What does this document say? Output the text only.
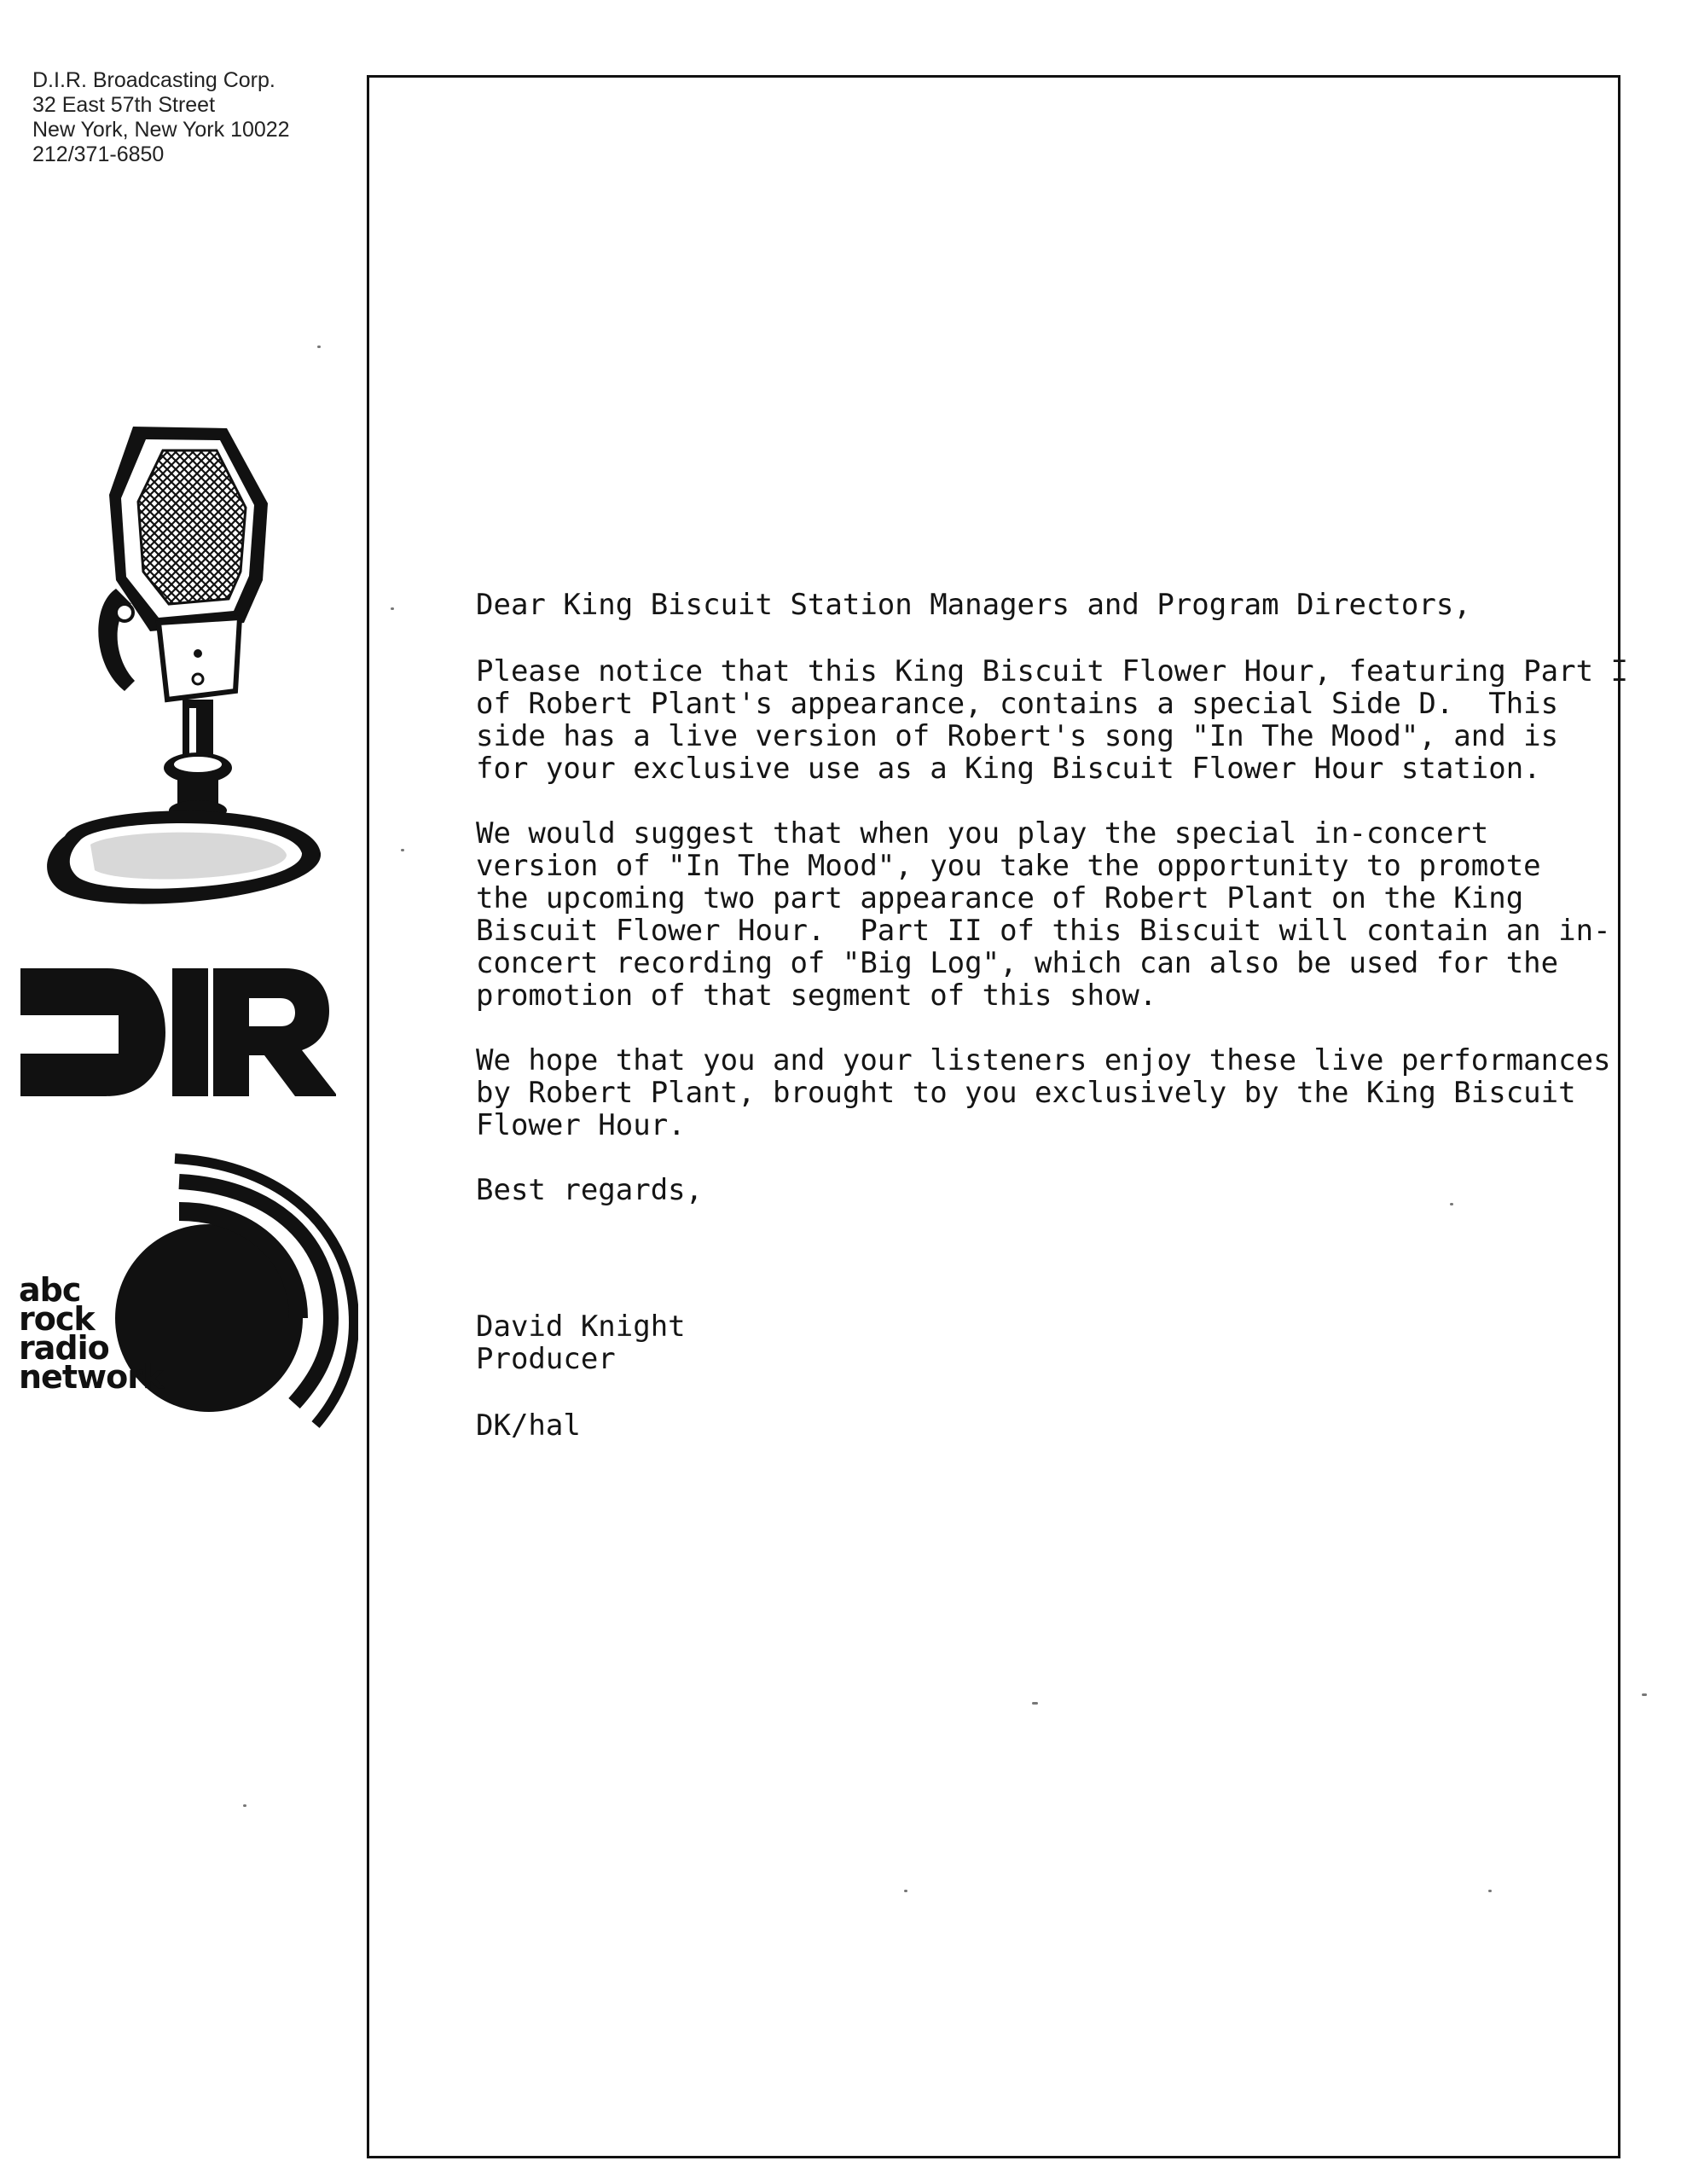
D.I.R. Broadcasting Corp.
32 East 57th Street
New York, New York 10022
212/371-6850
abc
rock
radio
network

Dear King Biscuit Station Managers and Program Directors,

Please notice that this King Biscuit Flower Hour, featuring Part I

of Robert Plant's appearance, contains a special Side D.  This

side has a live version of Robert's song "In The Mood", and is

for your exclusive use as a King Biscuit Flower Hour station.

We would suggest that when you play the special in-concert

version of "In The Mood", you take the opportunity to promote

the upcoming two part appearance of Robert Plant on the King

Biscuit Flower Hour.  Part II of this Biscuit will contain an in-

concert recording of "Big Log", which can also be used for the

promotion of that segment of this show.

We hope that you and your listeners enjoy these live performances

by Robert Plant, brought to you exclusively by the King Biscuit

Flower Hour.

Best regards,

David Knight

Producer

DK/hal
